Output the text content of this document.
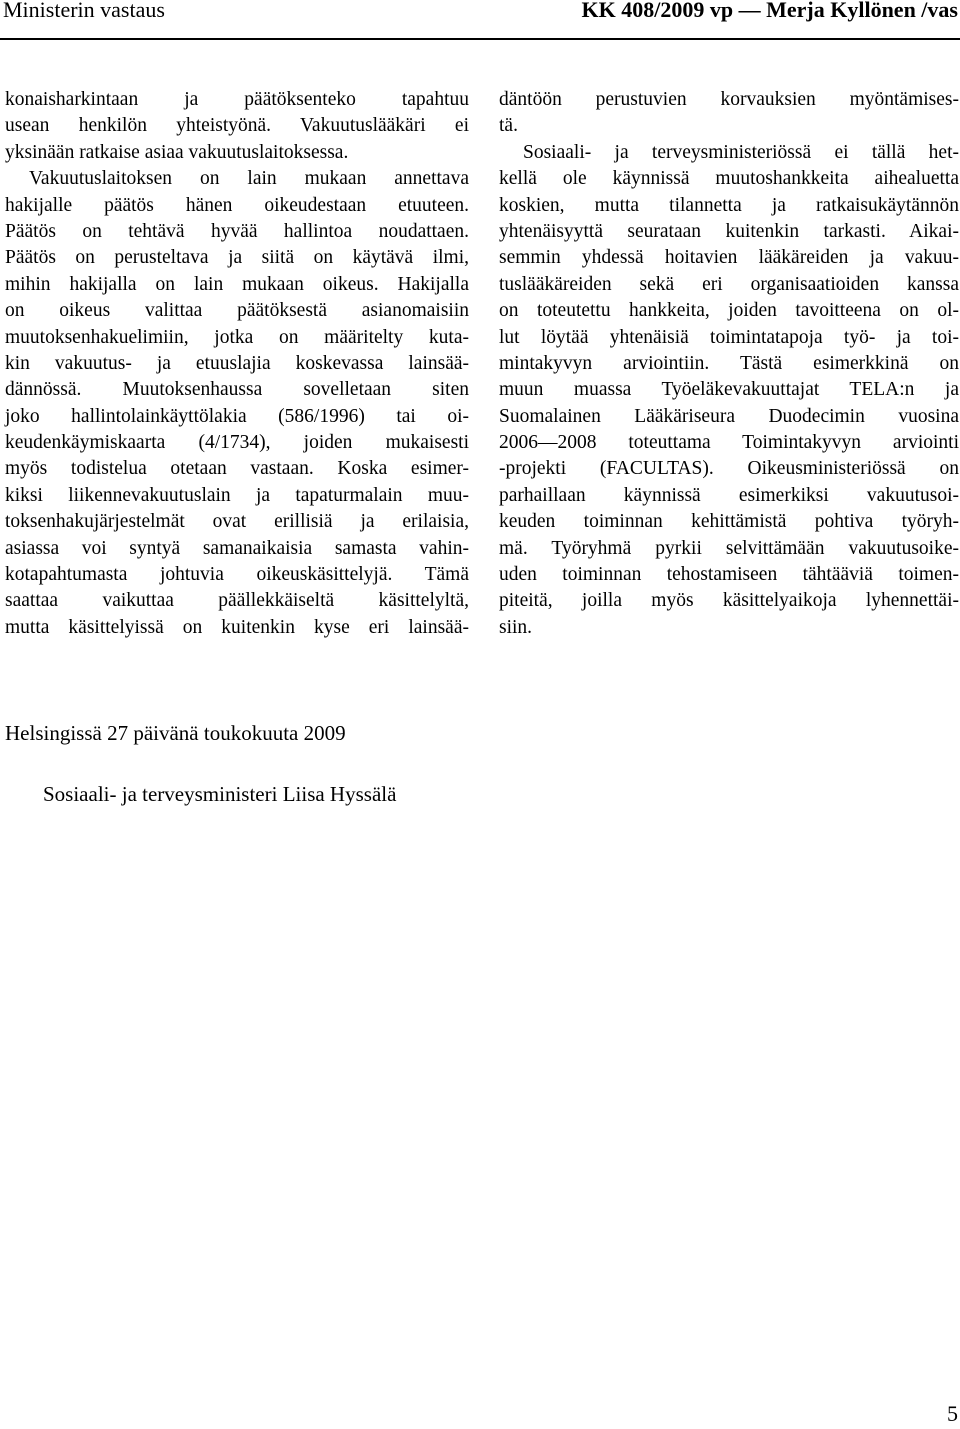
Ministerin vastaus	KK 408/2009 vp — Merja Kyllönen /vas
konaisharkintaan ja päätöksenteko tapahtuu
usean henkilön yhteistyönä. Vakuutuslääkäri ei
yksinään ratkaise asiaa vakuutuslaitoksessa.
Vakuutuslaitoksen on lain mukaan annettava
hakijalle päätös hänen oikeudestaan etuuteen.
Päätös on tehtävä hyvää hallintoa noudattaen.
Päätös on perusteltava ja siitä on käytävä ilmi,
mihin hakijalla on lain mukaan oikeus. Hakijalla
on oikeus valittaa päätöksestä asianomaisiin
muutoksenhakuelimiin, jotka on määritelty kuta-
kin vakuutus- ja etuuslajia koskevassa lainsää-
dännössä. Muutoksenhaussa sovelletaan siten
joko hallintolainkäyttölakia (586/1996) tai oi-
keudenkäymiskaarta (4/1734), joiden mukaisesti
myös todistelua otetaan vastaan. Koska esimer-
kiksi liikennevakuutuslain ja tapaturmalain muu-
toksenhakujärjestelmät ovat erillisiä ja erilaisia,
asiassa voi syntyä samanaikaisia samasta vahin-
kotapahtumasta johtuvia oikeuskäsittelyjä. Tämä
saattaa vaikuttaa päällekkäiseltä käsittelyltä,
mutta käsittelyissä on kuitenkin kyse eri lainsää-
däntöön perustuvien korvauksien myöntämises-
tä.
Sosiaali- ja terveysministeriössä ei tällä het-
kellä ole käynnissä muutoshankkeita aihealuetta
koskien, mutta tilannetta ja ratkaisukäytännön
yhtenäisyyttä seurataan kuitenkin tarkasti. Aikai-
semmin yhdessä hoitavien lääkäreiden ja vakuu-
tuslääkäreiden sekä eri organisaatioiden kanssa
on toteutettu hankkeita, joiden tavoitteena on ol-
lut löytää yhtenäisiä toimintatapoja työ- ja toi-
mintakyvyn arviointiin. Tästä esimerkkinä on
muun muassa Työeläkevakuuttajat TELA:n ja
Suomalainen Lääkäriseura Duodecimin vuosina
2006—2008 toteuttama Toimintakyvyn arviointi
-projekti (FACULTAS). Oikeusministeriössä on
parhaillaan käynnissä esimerkiksi vakuutusoi-
keuden toiminnan kehittämistä pohtiva työryh-
mä. Työryhmä pyrkii selvittämään vakuutusoike-
uden toiminnan tehostamiseen tähtääviä toimen-
piteitä, joilla myös käsittelyaikoja lyhennettäi-
siin.
Helsingissä 27 päivänä toukokuuta 2009
Sosiaali- ja terveysministeri Liisa Hyssälä
5
